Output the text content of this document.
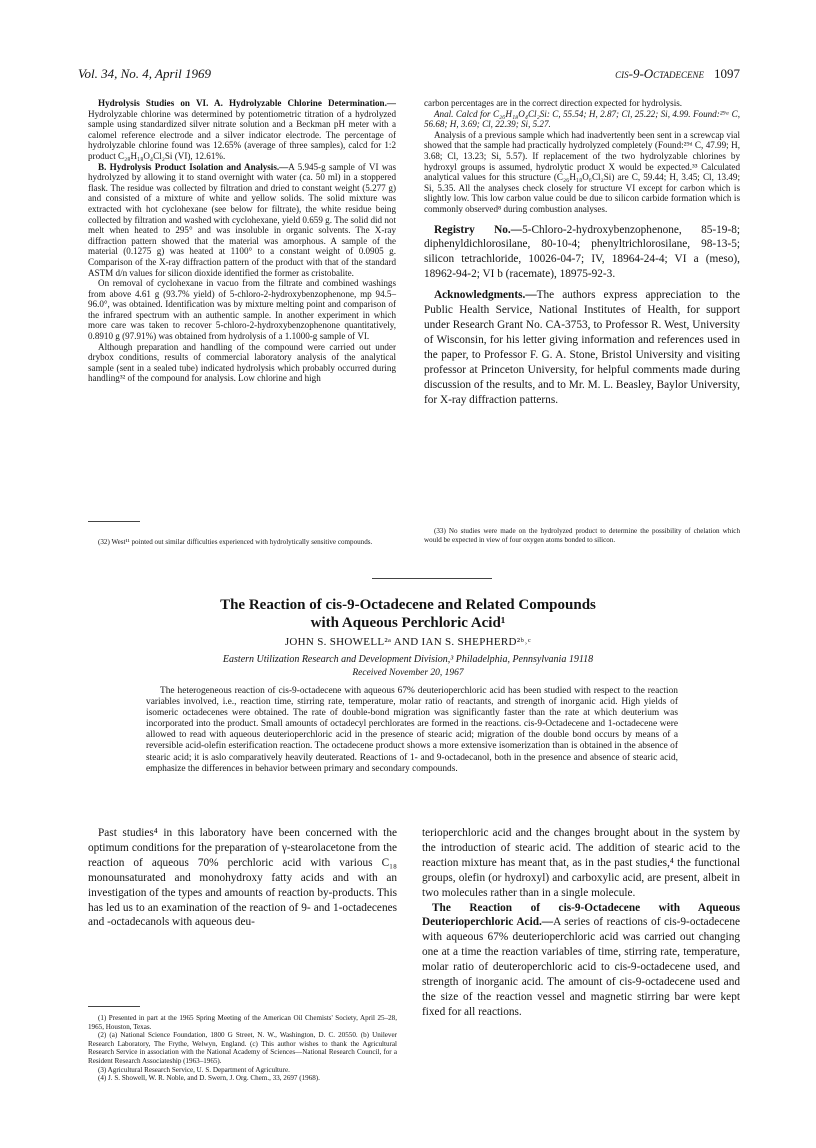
Vol. 34, No. 4, April 1969	cis-9-Octadecene 1097

Hydrolysis Studies on VI. A. Hydrolyzable Chlorine Determination.—Hydrolyzable chlorine was determined by potentiometric titration of a hydrolyzed sample using standardized silver nitrate solution and a Beckman pH meter with a calomel reference electrode and a silver indicator electrode. The percentage of hydrolyzable chlorine found was 12.65% (average of three samples), calcd for 1:2 product C₂₈H₁₈O₄Cl₂Si (VI), 12.61%.

B. Hydrolysis Product Isolation and Analysis.—A 5.945-g sample of VI was hydrolyzed by allowing it to stand overnight with water (ca. 50 ml) in a stoppered flask. The residue was collected by filtration and dried to constant weight (5.277 g) and consisted of a mixture of white and yellow solids. The solid mixture was extracted with hot cyclohexane (see below for filtrate), the white residue being collected by filtration and washed with cyclohexane, yield 0.659 g. The solid did not melt when heated to 295° and was insoluble in organic solvents. The X-ray diffraction pattern showed that the material was amorphous. A sample of the material (0.1275 g) was heated at 1100° to a constant weight of 0.0905 g. Comparison of the X-ray diffraction pattern of the product with that of the standard ASTM d/n values for silicon dioxide identified the former as cristobalite.

On removal of cyclohexane in vacuo from the filtrate and combined washings from above 4.61 g (93.7% yield) of 5-chloro-2-hydroxybenzophenone, mp 94.5–96.0°, was obtained. Identification was by mixture melting point and comparison of the infrared spectrum with an authentic sample. In another experiment in which more care was taken to recover 5-chloro-2-hydroxybenzophenone quantitatively, 0.8910 g (97.91%) was obtained from hydrolysis of a 1.1000-g sample of VI.

Although preparation and handling of the compound were carried out under drybox conditions, results of commercial laboratory analysis of the analytical sample (sent in a sealed tube) indicated hydrolysis which probably occurred during handling³² of the compound for analysis. Low chlorine and high

(32) West¹¹ pointed out similar difficulties experienced with hydrolytically sensitive compounds.

carbon percentages are in the correct direction expected for hydrolysis.

Anal. Calcd for C₂₆H₁₈O₄Cl₂Si: C, 55.54; H, 2.87; Cl, 25.22; Si, 4.99. Found:²⁹ᵃ C, 56.68; H, 3.69; Cl, 22.39; Si, 5.27.

Analysis of a previous sample which had inadvertently been sent in a screwcap vial showed that the sample had practically hydrolyzed completely (Found:²⁹ᵈ C, 47.99; H, 3.68; Cl, 13.23; Si, 5.57). If replacement of the two hydrolyzable chlorines by hydroxyl groups is assumed, hydrolytic product X would be expected.³³ Calculated analytical values for this structure (C₂₆H₁₈O₆Cl₂Si) are C, 59.44; H, 3.45; Cl, 13.49; Si, 5.35. All the analyses check closely for structure VI except for carbon which is slightly low. This low carbon value could be due to silicon carbide formation which is commonly observed⁸ during combustion analyses.

Registry No.—5-Chloro-2-hydroxybenzophenone, 85-19-8; diphenyldichlorosilane, 80-10-4; phenyltrichlorosilane, 98-13-5; silicon tetrachloride, 10026-04-7; IV, 18964-24-4; VI a (meso), 18962-94-2; VI b (racemate), 18975-92-3.

Acknowledgments.—The authors express appreciation to the Public Health Service, National Institutes of Health, for support under Research Grant No. CA-3753, to Professor R. West, University of Wisconsin, for his letter giving information and references used in the paper, to Professor F. G. A. Stone, Bristol University and visiting professor at Princeton University, for helpful comments made during discussion of the results, and to Mr. M. L. Beasley, Baylor University, for X-ray diffraction patterns.

(33) No studies were made on the hydrolyzed product to determine the possibility of chelation which would be expected in view of four oxygen atoms bonded to silicon.

The Reaction of cis-9-Octadecene and Related Compounds
with Aqueous Perchloric Acid¹
JOHN S. SHOWELL²ᵃ AND IAN S. SHEPHERD²ᵇ˒ᶜ
Eastern Utilization Research and Development Division,³ Philadelphia, Pennsylvania 19118
Received November 20, 1967

The heterogeneous reaction of cis-9-octadecene with aqueous 67% deuterioperchloric acid has been studied with respect to the reaction variables involved, i.e., reaction time, stirring rate, temperature, molar ratio of reactants, and strength of inorganic acid. High yields of isomeric octadecenes were obtained. The rate of double-bond migration was significantly faster than the rate at which deuterium was incorporated into the product. Small amounts of octadecyl perchlorates are formed in the reactions. cis-9-Octadecene and 1-octadecene were allowed to read with aqueous deuterioperchloric acid in the presence of stearic acid; migration of the double bond occurs by means of a reversible acid-olefin esterification reaction. The octadecene product shows a more extensive isomerization than is obtained in the absence of stearic acid; it is aslo comparatively heavily deuterated. Reactions of 1- and 9-octadecanol, both in the presence and absence of stearic acid, emphasize the differences in behavior between primary and secondary compounds.

Past studies⁴ in this laboratory have been concerned with the optimum conditions for the preparation of γ-stearolacetone from the reaction of aqueous 70% perchloric acid with various C₁₈ monounsaturated and monohydroxy fatty acids and with an investigation of the types and amounts of reaction by-products. This has led us to an examination of the reaction of 9- and 1-octadecenes and -octadecanols with aqueous deu-

(1) Presented in part at the 1965 Spring Meeting of the American Oil Chemists' Society, April 25–28, 1965, Houston, Texas.

(2) (a) National Science Foundation, 1800 G Street, N. W., Washington, D. C. 20550. (b) Unilever Research Laboratory, The Frythe, Welwyn, England. (c) This author wishes to thank the Agricultural Research Service in association with the National Academy of Sciences—National Research Council, for a Resident Research Associateship (1963–1965).

(3) Agricultural Research Service, U. S. Department of Agriculture.

(4) J. S. Showell, W. R. Noble, and D. Swern, J. Org. Chem., 33, 2697 (1968).

terioperchloric acid and the changes brought about in the system by the introduction of stearic acid. The addition of stearic acid to the reaction mixture has meant that, as in the past studies,⁴ the functional groups, olefin (or hydroxyl) and carboxylic acid, are present, albeit in two molecules rather than in a single molecule.

The Reaction of cis-9-Octadecene with Aqueous Deuterioperchloric Acid.—A series of reactions of cis-9-octadecene with aqueous 67% deuterioperchloric acid was carried out changing one at a time the reaction variables of time, stirring rate, temperature, molar ratio of deuteroperchloric acid to cis-9-octadecene used, and strength of inorganic acid. The amount of cis-9-octadecene used and the size of the reaction vessel and magnetic stirring bar were kept fixed for all reactions.
